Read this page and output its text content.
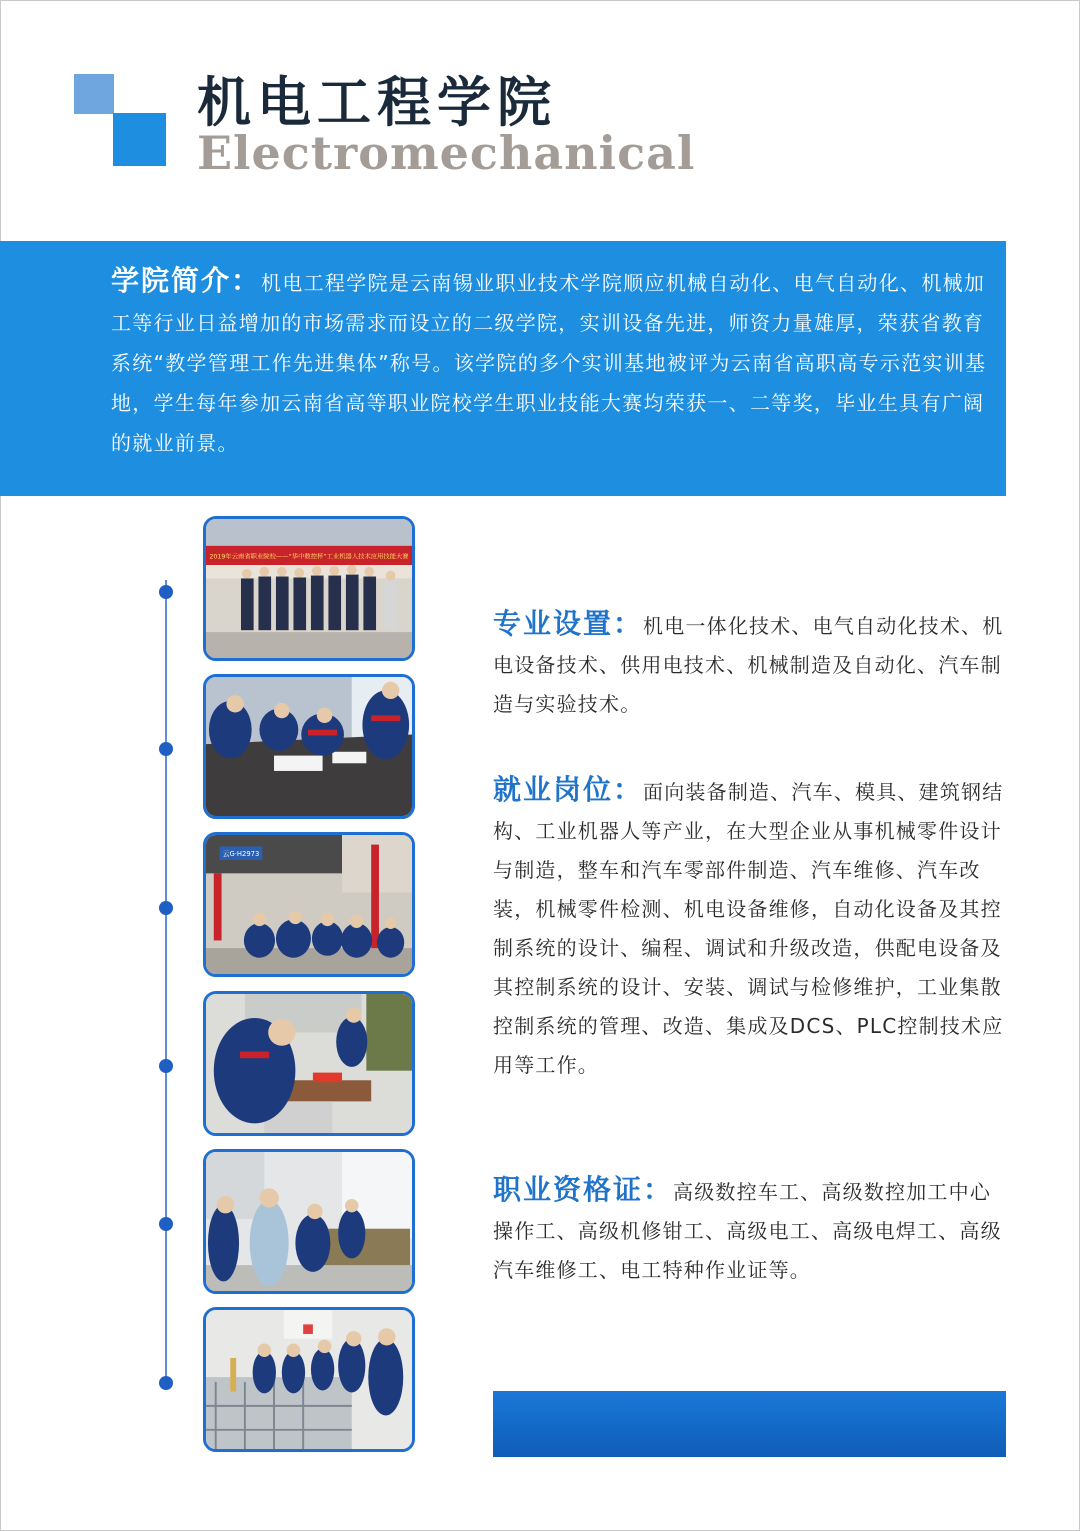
机电工程学院
Electromechanical

学院简介：机电工程学院是云南锡业职业技术学院顺应机械自动化、电气自动化、机械加工等行业日益增加的市场需求而设立的二级学院，实训设备先进，师资力量雄厚，荣获省教育系统“教学管理工作先进集体”称号。该学院的多个实训基地被评为云南省高职高专示范实训基地，学生每年参加云南省高等职业院校学生职业技能大赛均荣获一、二等奖，毕业生具有广阔的就业前景。

2019年云南省职业院校——“华中数控杯”工业机器人技术应用技能大赛
云G·H2973

专业设置：机电一体化技术、电气自动化技术、机电设备技术、供用电技术、机械制造及自动化、汽车制造与实验技术。

就业岗位：面向装备制造、汽车、模具、建筑钢结构、工业机器人等产业，在大型企业从事机械零件设计与制造，整车和汽车零部件制造、汽车维修、汽车改装，机械零件检测、机电设备维修，自动化设备及其控制系统的设计、编程、调试和升级改造，供配电设备及其控制系统的设计、安装、调试与检修维护，工业集散控制系统的管理、改造、集成及DCS、PLC控制技术应用等工作。

职业资格证：高级数控车工、高级数控加工中心操作工、高级机修钳工、高级电工、高级电焊工、高级汽车维修工、电工特种作业证等。
